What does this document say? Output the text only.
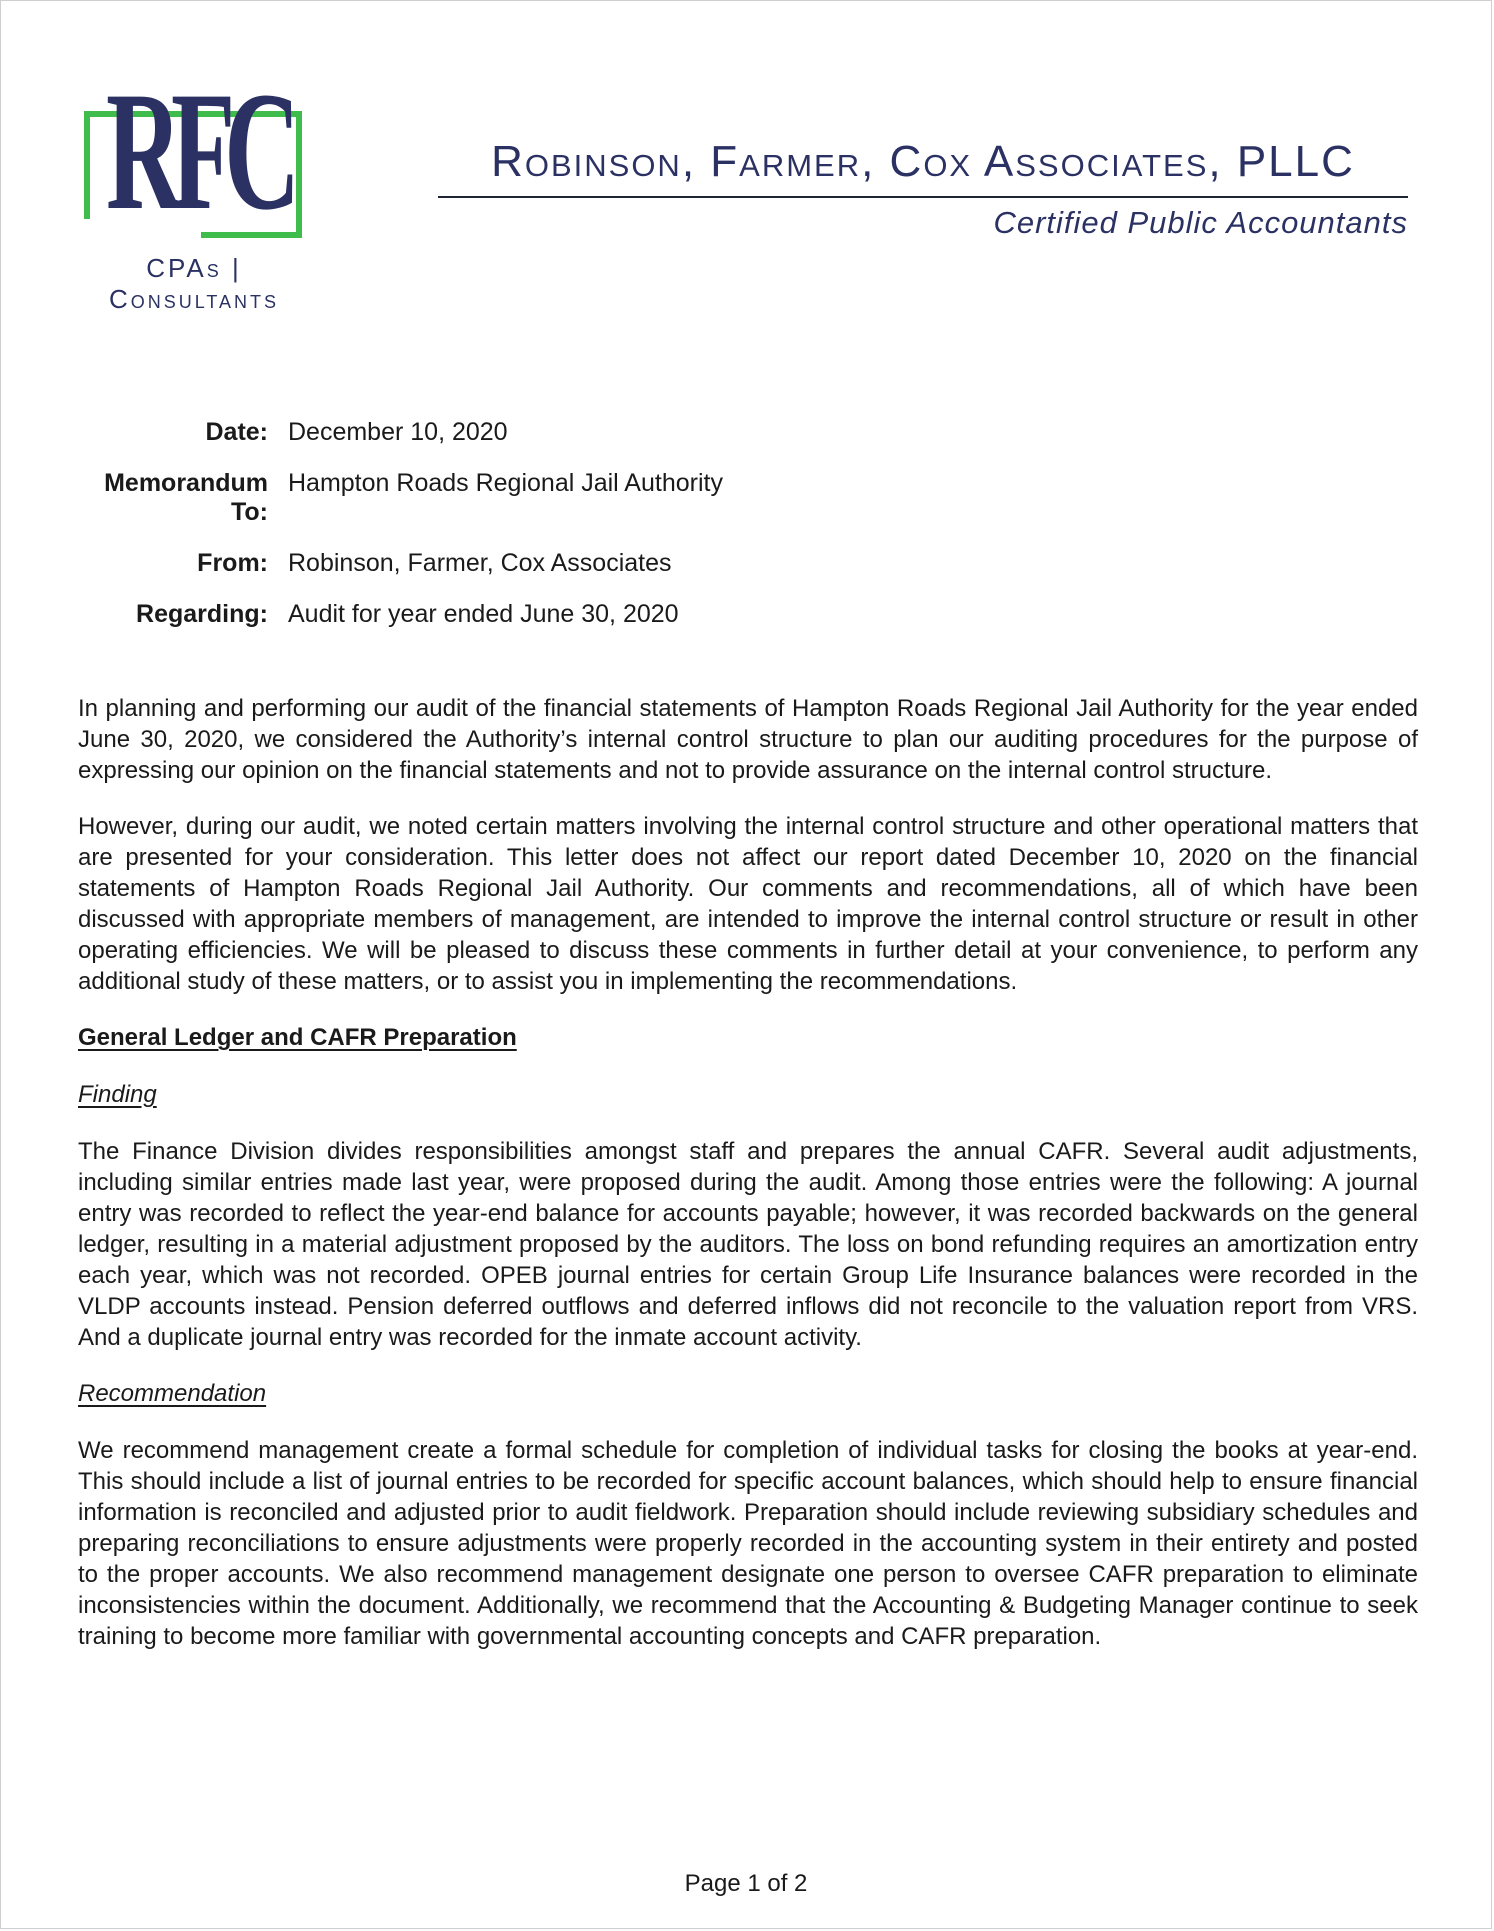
RFC
CPAs | Consultants
Robinson, Farmer, Cox Associates, PLLC
Certified Public Accountants
Date: December 10, 2020
Memorandum To:
Hampton Roads Regional Jail Authority
From: Robinson, Farmer, Cox Associates
Regarding: Audit for year ended June 30, 2020

In planning and performing our audit of the financial statements of Hampton Roads Regional Jail Authority for the year ended June 30, 2020, we considered the Authority’s internal control structure to plan our auditing procedures for the purpose of expressing our opinion on the financial statements and not to provide assurance on the internal control structure.

However, during our audit, we noted certain matters involving the internal control structure and other operational matters that are presented for your consideration. This letter does not affect our report dated December 10, 2020 on the financial statements of Hampton Roads Regional Jail Authority. Our comments and recommendations, all of which have been discussed with appropriate members of management, are intended to improve the internal control structure or result in other operating efficiencies. We will be pleased to discuss these comments in further detail at your convenience, to perform any additional study of these matters, or to assist you in implementing the recommendations.

General Ledger and CAFR Preparation
Finding

The Finance Division divides responsibilities amongst staff and prepares the annual CAFR. Several audit adjustments, including similar entries made last year, were proposed during the audit. Among those entries were the following: A journal entry was recorded to reflect the year-end balance for accounts payable; however, it was recorded backwards on the general ledger, resulting in a material adjustment proposed by the auditors. The loss on bond refunding requires an amortization entry each year, which was not recorded. OPEB journal entries for certain Group Life Insurance balances were recorded in the VLDP accounts instead. Pension deferred outflows and deferred inflows did not reconcile to the valuation report from VRS. And a duplicate journal entry was recorded for the inmate account activity.

Recommendation

We recommend management create a formal schedule for completion of individual tasks for closing the books at year-end. This should include a list of journal entries to be recorded for specific account balances, which should help to ensure financial information is reconciled and adjusted prior to audit fieldwork. Preparation should include reviewing subsidiary schedules and preparing reconciliations to ensure adjustments were properly recorded in the accounting system in their entirety and posted to the proper accounts. We also recommend management designate one person to oversee CAFR preparation to eliminate inconsistencies within the document. Additionally, we recommend that the Accounting & Budgeting Manager continue to seek training to become more familiar with governmental accounting concepts and CAFR preparation.

Page 1 of 2
